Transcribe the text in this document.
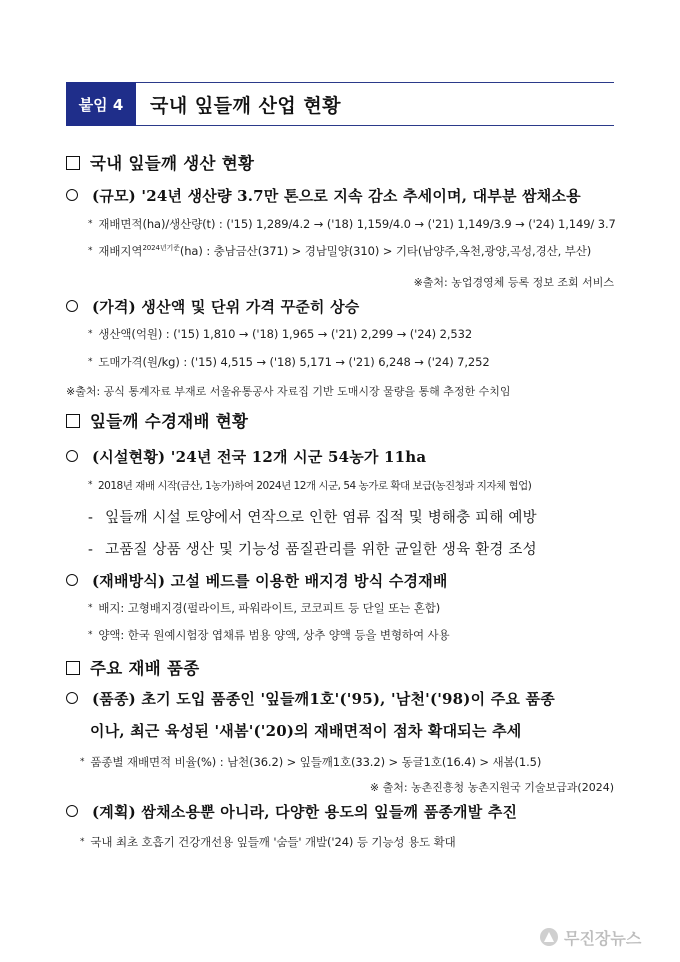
붙임 4	국내 잎들깨 산업 현황
국내 잎들깨 생산 현황
(규모) '24년 생산량 3.7만 톤으로 지속 감소 추세이며, 대부분 쌈채소용
* 재배면적(ha)/생산량(t) : ('15) 1,289/4.2 → ('18) 1,159/4.0 → ('21) 1,149/3.9 → ('24) 1,149/ 3.7
* 재배지역$^{2024년기준}$(ha) : 충남금산(371) > 경남밀양(310) > 기타(남양주,옥천,광양,곡성,경산, 부산)
※출처: 농업경영체 등록 정보 조회 서비스
(가격) 생산액 및 단위 가격 꾸준히 상승
* 생산액(억원) : ('15) 1,810 → ('18) 1,965 → ('21) 2,299 → ('24) 2,532
* 도매가격(원/kg) : ('15) 4,515 → ('18) 5,171 → ('21) 6,248 → ('24) 7,252
※출처: 공식 통계자료 부재로 서울유통공사 자료집 기반 도매시장 물량을 통해 추정한 수치임
잎들깨 수경재배 현황
(시설현황) '24년 전국 12개 시군 54농가 11ha
* 2018년 재배 시작(금산, 1농가)하여 2024년 12개 시군, 54 농가로 확대 보급(농진청과 지자체 협업)
- 잎들깨 시설 토양에서 연작으로 인한 염류 집적 및 병해충 피해 예방
- 고품질 상품 생산 및 기능성 품질관리를 위한 균일한 생육 환경 조성
(재배방식) 고설 베드를 이용한 배지경 방식 수경재배
* 배지: 고형배지경(펄라이트, 파워라이트, 코코피트 등 단일 또는 혼합)
* 양액: 한국 원예시험장 엽채류 범용 양액, 상추 양액 등을 변형하여 사용
주요 재배 품종
(품종) 초기 도입 품종인 '잎들깨1호'('95), '남천'('98)이 주요 품종
이나, 최근 육성된 '새봄'('20)의 재배면적이 점차 확대되는 추세
* 품종별 재배면적 비율(%) : 남천(36.2) > 잎들깨1호(33.2) > 동글1호(16.4) > 새봄(1.5)
※ 출처: 농촌진흥청 농촌지원국 기술보급과(2024)
(계획) 쌈채소용뿐 아니라, 다양한 용도의 잎들깨 품종개발 추진
* 국내 최초 호흡기 건강개선용 잎들깨 '숨들' 개발('24) 등 기능성 용도 확대
무진장뉴스
